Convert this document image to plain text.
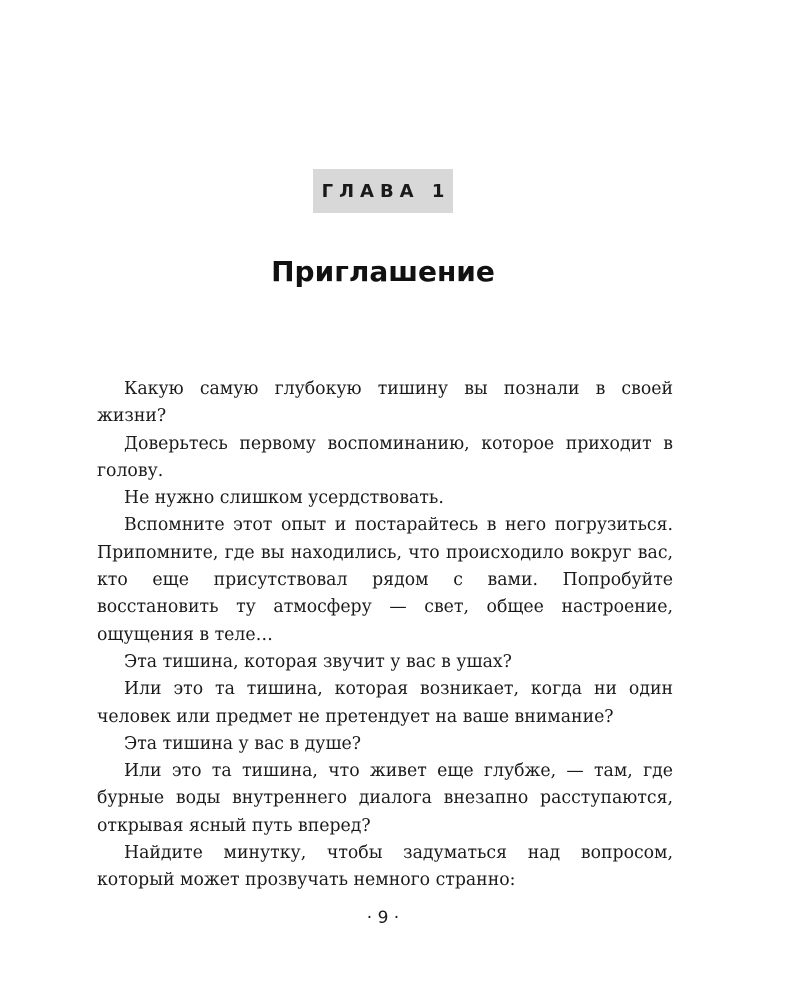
ГЛАВА 1
Приглашение

Какую самую глубокую тишину вы познали в своей жизни?

Доверьтесь первому воспоминанию, которое приходит в голову.

Не нужно слишком усердствовать.

Вспомните этот опыт и постарайтесь в него погрузиться. Припомните, где вы находились, что происходило вокруг вас, кто еще присутствовал рядом с вами. Попробуйте восстановить ту атмосферу — свет, общее настроение, ощущения в теле…

Эта тишина, которая звучит у вас в ушах?

Или это та тишина, которая возникает, когда ни один человек или предмет не претендует на ваше внимание?

Эта тишина у вас в душе?

Или это та тишина, что живет еще глубже, — там, где бурные воды внутреннего диалога внезапно расступаются, открывая ясный путь вперед?

Найдите минутку, чтобы задуматься над вопросом, который может прозвучать немного странно:

· 9 ·
